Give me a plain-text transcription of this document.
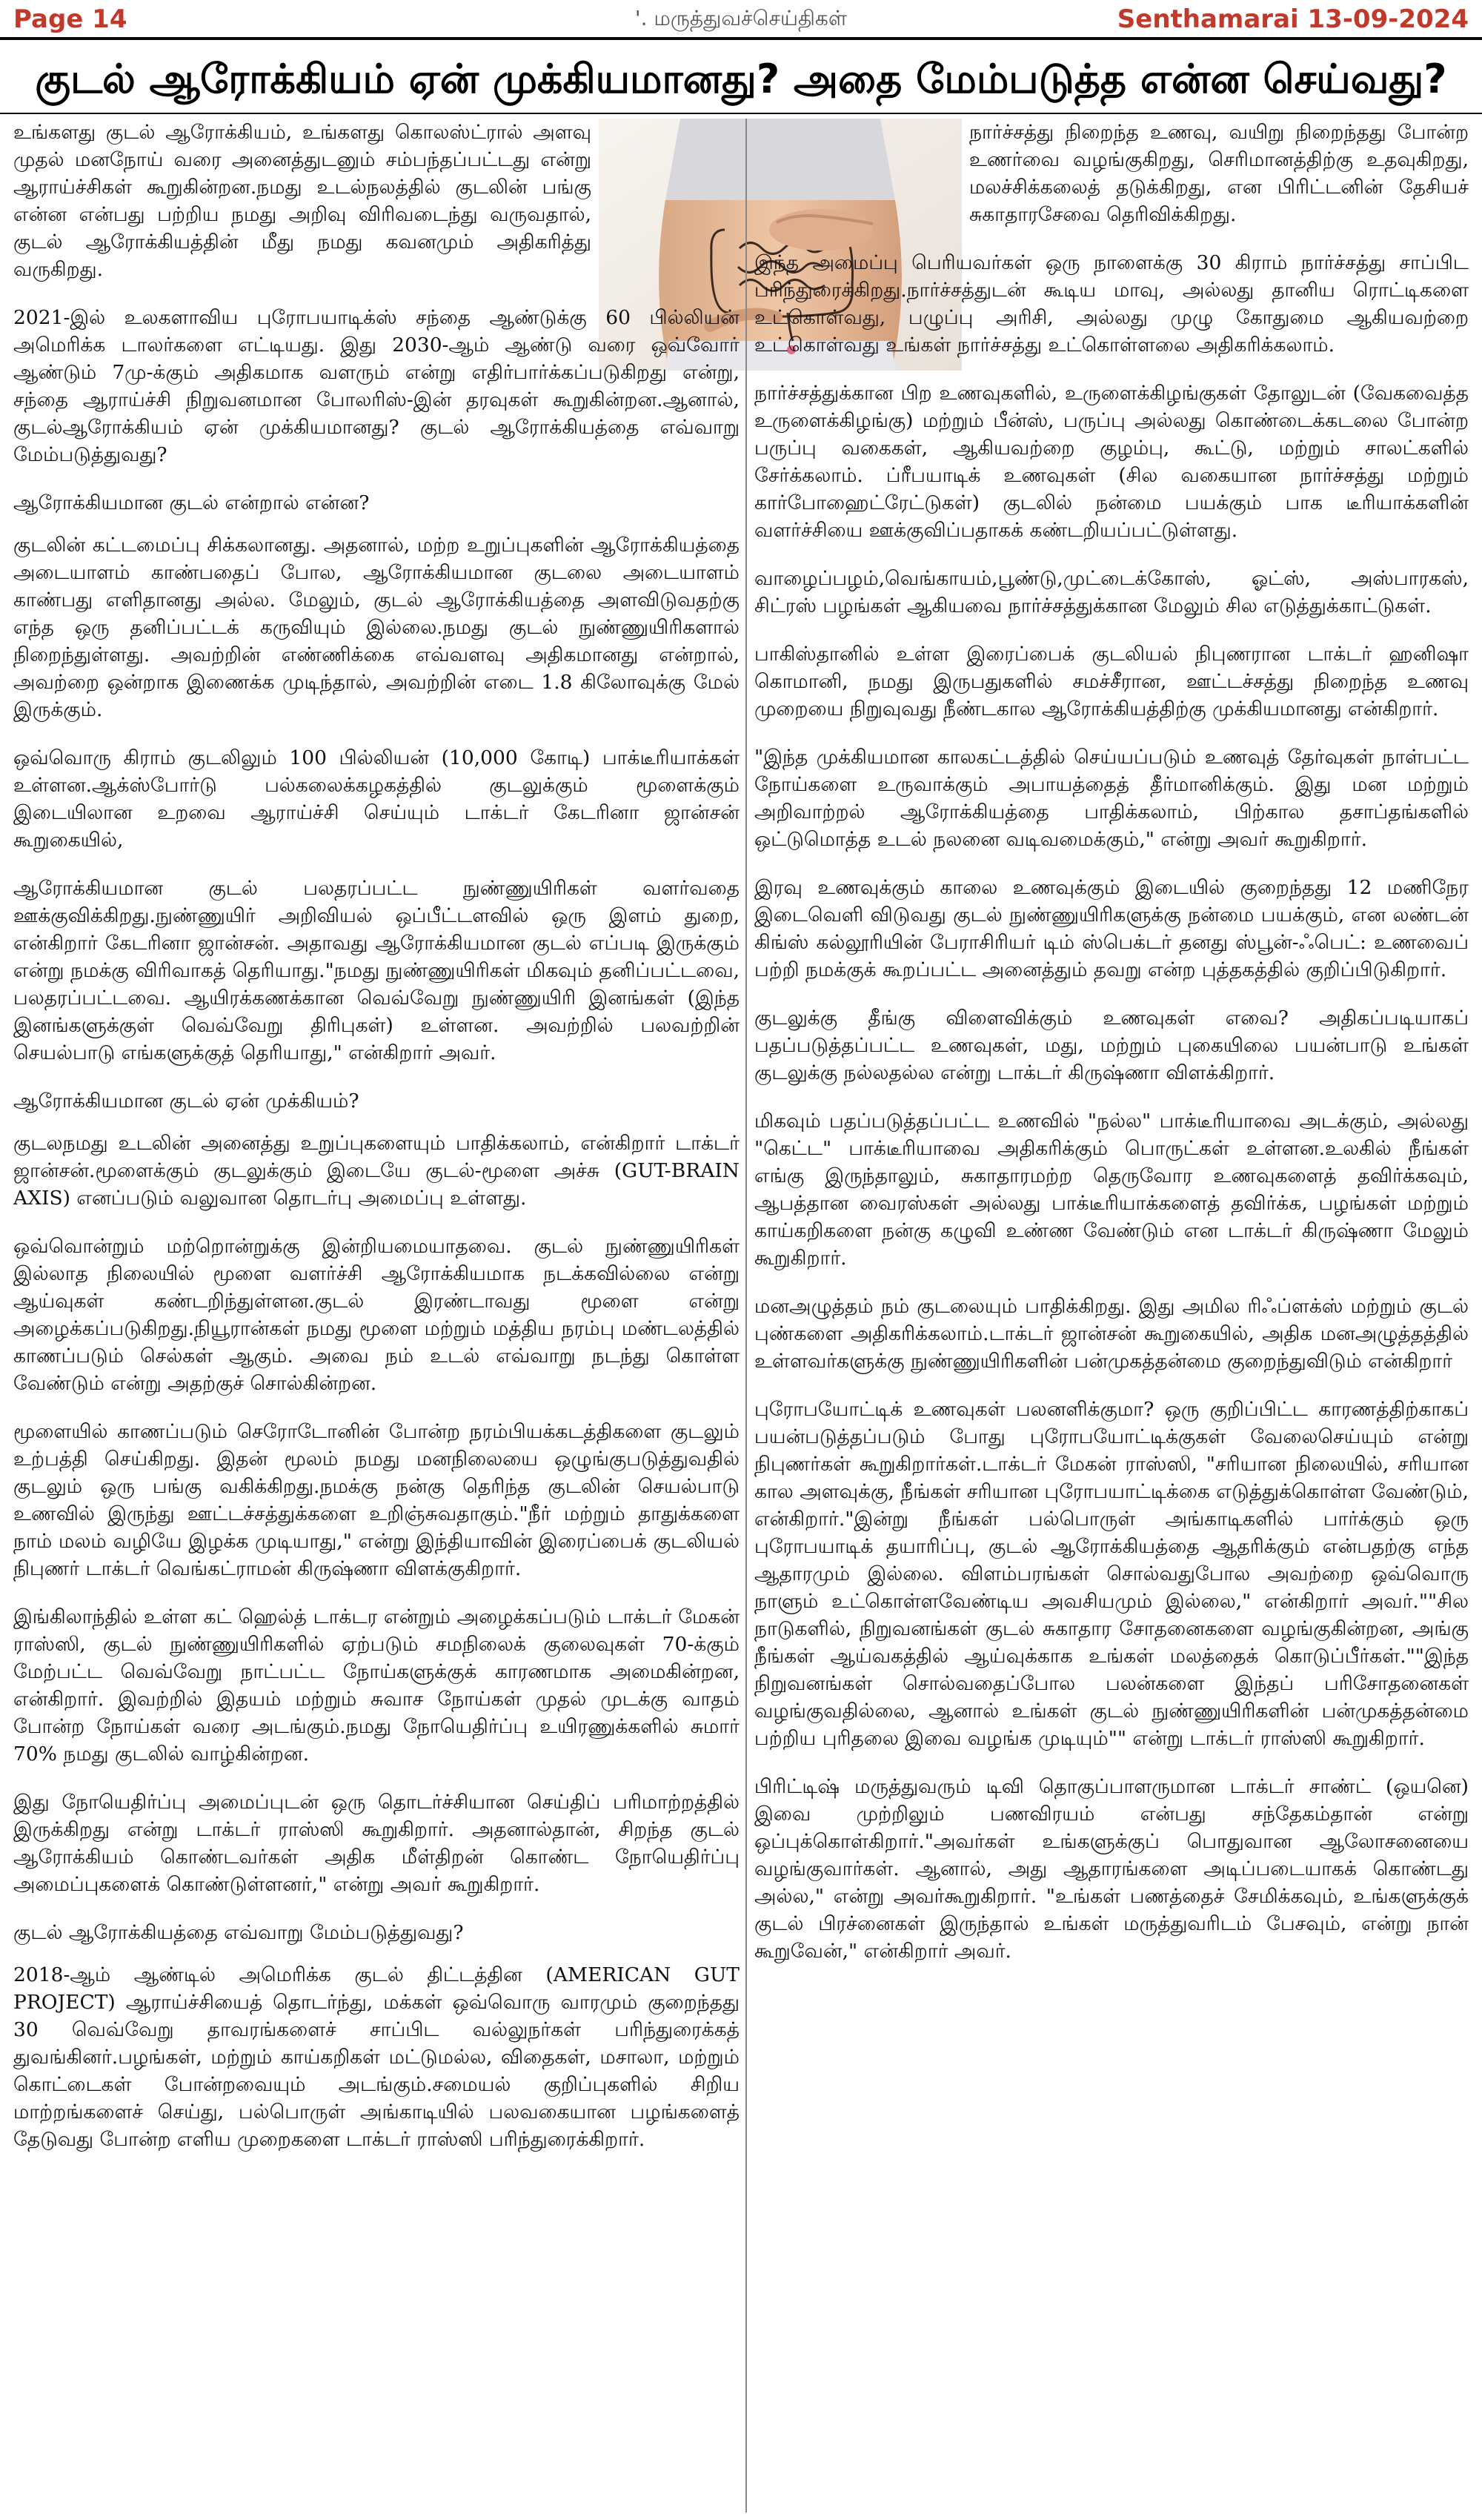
Page 14	'. மருத்துவச்செய்திகள்	Senthamarai 13-09-2024
குடல் ஆரோக்கியம் ஏன் முக்கியமானது? அதை மேம்படுத்த என்ன செய்வது?

உங்களது குடல் ஆரோக்கியம், உங்களது கொலஸ்ட்ரால் அளவு முதல் மனநோய் வரை அனைத்துடனும் சம்பந்தப்பட்டது என்று ஆராய்ச்சிகள் கூறுகின்றன.நமது உடல்நலத்தில் குடலின் பங்கு என்ன என்பது பற்றிய நமது அறிவு விரிவடைந்து வருவதால், குடல் ஆரோக்கியத்தின் மீது நமது கவனமும் அதிகரித்து வருகிறது.

2021-இல் உலகளாவிய புரோபயாடிக்ஸ் சந்தை ஆண்டுக்கு 60 பில்லியன் அமெரிக்க டாலர்களை எட்டியது. இது 2030-ஆம் ஆண்டு வரை ஒவ்வோர் ஆண்டும் 7மு-க்கும் அதிகமாக வளரும் என்று எதிர்பார்க்கப்படுகிறது என்று, சந்தை ஆராய்ச்சி நிறுவனமான போலரிஸ்-இன் தரவுகள் கூறுகின்றன.ஆனால், குடல்ஆரோக்கியம் ஏன் முக்கியமானது? குடல் ஆரோக்கியத்தை எவ்வாறு மேம்படுத்துவது?

ஆரோக்கியமான குடல் என்றால் என்ன?

குடலின் கட்டமைப்பு சிக்கலானது. அதனால், மற்ற உறுப்புகளின் ஆரோக்கியத்தை அடையாளம் காண்பதைப் போல, ஆரோக்கியமான குடலை அடையாளம் காண்பது எளிதானது அல்ல. மேலும், குடல் ஆரோக்கியத்தை அளவிடுவதற்கு எந்த ஒரு தனிப்பட்டக் கருவியும் இல்லை.நமது குடல் நுண்ணுயிரிகளால் நிறைந்துள்ளது. அவற்றின் எண்ணிக்கை எவ்வளவு அதிகமானது என்றால், அவற்றை ஒன்றாக இணைக்க முடிந்தால், அவற்றின் எடை 1.8 கிலோவுக்கு மேல் இருக்கும்.

ஒவ்வொரு கிராம் குடலிலும் 100 பில்லியன் (10,000 கோடி) பாக்டீரியாக்கள் உள்ளன.ஆக்ஸ்போர்டு பல்கலைக்கழகத்தில் குடலுக்கும் மூளைக்கும் இடையிலான உறவை ஆராய்ச்சி செய்யும் டாக்டர் கேடரினா ஜான்சன் கூறுகையில்,

ஆரோக்கியமான குடல் பலதரப்பட்ட நுண்ணுயிரிகள் வளர்வதை ஊக்குவிக்கிறது.நுண்ணுயிர் அறிவியல் ஒப்பீட்டளவில் ஒரு இளம் துறை, என்கிறார் கேடரினா ஜான்சன். அதாவது ஆரோக்கியமான குடல் எப்படி இருக்கும் என்று நமக்கு விரிவாகத் தெரியாது."நமது நுண்ணுயிரிகள் மிகவும் தனிப்பட்டவை, பலதரப்பட்டவை. ஆயிரக்கணக்கான வெவ்வேறு நுண்ணுயிரி இனங்கள் (இந்த இனங்களுக்குள் வெவ்வேறு திரிபுகள்) உள்ளன. அவற்றில் பலவற்றின் செயல்பாடு எங்களுக்குத் தெரியாது," என்கிறார் அவர்.

ஆரோக்கியமான குடல் ஏன் முக்கியம்?

குடலநமது உடலின் அனைத்து உறுப்புகளையும் பாதிக்கலாம், என்கிறார் டாக்டர் ஜான்சன்.மூளைக்கும் குடலுக்கும் இடையே குடல்-மூளை அச்சு (GUT-BRAIN AXIS) எனப்படும் வலுவான தொடர்பு அமைப்பு உள்ளது.

ஒவ்வொன்றும் மற்றொன்றுக்கு இன்றியமையாதவை. குடல் நுண்ணுயிரிகள் இல்லாத நிலையில் மூளை வளர்ச்சி ஆரோக்கியமாக நடக்கவில்லை என்று ஆய்வுகள் கண்டறிந்துள்ளன.குடல் இரண்டாவது மூளை என்று அழைக்கப்படுகிறது.நியூரான்கள் நமது மூளை மற்றும் மத்திய நரம்பு மண்டலத்தில் காணப்படும் செல்கள் ஆகும். அவை நம் உடல் எவ்வாறு நடந்து கொள்ள வேண்டும் என்று அதற்குச் சொல்கின்றன.

மூளையில் காணப்படும் செரோடோனின் போன்ற நரம்பியக்கடத்திகளை குடலும் உற்பத்தி செய்கிறது. இதன் மூலம் நமது மனநிலையை ஒழுங்குபடுத்துவதில் குடலும் ஒரு பங்கு வகிக்கிறது.நமக்கு நன்கு தெரிந்த குடலின் செயல்பாடு உணவில் இருந்து ஊட்டச்சத்துக்களை உறிஞ்சுவதாகும்."நீர் மற்றும் தாதுக்களை நாம் மலம் வழியே இழக்க முடியாது," என்று இந்தியாவின் இரைப்பைக் குடலியல் நிபுணர் டாக்டர் வெங்கட்ராமன் கிருஷ்ணா விளக்குகிறார்.

இங்கிலாந்தில் உள்ள கட் ஹெல்த் டாக்டர என்றும் அழைக்கப்படும் டாக்டர் மேகன் ராஸ்ஸி, குடல் நுண்ணுயிரிகளில் ஏற்படும் சமநிலைக் குலைவுகள் 70-க்கும் மேற்பட்ட வெவ்வேறு நாட்பட்ட நோய்களுக்குக் காரணமாக அமைகின்றன, என்கிறார். இவற்றில் இதயம் மற்றும் சுவாச நோய்கள் முதல் முடக்கு வாதம் போன்ற நோய்கள் வரை அடங்கும்.நமது நோயெதிர்ப்பு உயிரணுக்களில் சுமார் 70% நமது குடலில் வாழ்கின்றன.

இது நோயெதிர்ப்பு அமைப்புடன் ஒரு தொடர்ச்சியான செய்திப் பரிமாற்றத்தில் இருக்கிறது என்று டாக்டர் ராஸ்ஸி கூறுகிறார். அதனால்தான், சிறந்த குடல் ஆரோக்கியம் கொண்டவர்கள் அதிக மீள்திறன் கொண்ட நோயெதிர்ப்பு அமைப்புகளைக் கொண்டுள்ளனர்," என்று அவர் கூறுகிறார்.

குடல் ஆரோக்கியத்தை எவ்வாறு மேம்படுத்துவது?

2018-ஆம் ஆண்டில் அமெரிக்க குடல் திட்டத்தின (AMERICAN GUT PROJECT) ஆராய்ச்சியைத் தொடர்ந்து, மக்கள் ஒவ்வொரு வாரமும் குறைந்தது 30 வெவ்வேறு தாவரங்களைச் சாப்பிட வல்லுநர்கள் பரிந்துரைக்கத் துவங்கினர்.பழங்கள், மற்றும் காய்கறிகள் மட்டுமல்ல, விதைகள், மசாலா, மற்றும் கொட்டைகள் போன்றவையும் அடங்கும்.சமையல் குறிப்புகளில் சிறிய மாற்றங்களைச் செய்து, பல்பொருள் அங்காடியில் பலவகையான பழங்களைத் தேடுவது போன்ற எளிய முறைகளை டாக்டர் ராஸ்ஸி பரிந்துரைக்கிறார்.

நார்ச்சத்து நிறைந்த உணவு, வயிறு நிறைந்தது போன்ற உணர்வை வழங்குகிறது, செரிமானத்திற்கு உதவுகிறது, மலச்சிக்கலைத் தடுக்கிறது, என பிரிட்டனின் தேசியச் சுகாதாரசேவை தெரிவிக்கிறது.

இந்த அமைப்பு பெரியவர்கள் ஒரு நாளைக்கு 30 கிராம் நார்ச்சத்து சாப்பிட பரிந்துரைக்கிறது.நார்ச்சத்துடன் கூடிய மாவு, அல்லது தானிய ரொட்டிகளை உட்கொள்வது, பழுப்பு அரிசி, அல்லது முழு கோதுமை ஆகியவற்றை உட்கொள்வது உங்கள் நார்ச்சத்து உட்கொள்ளலை அதிகரிக்கலாம்.

நார்ச்சத்துக்கான பிற உணவுகளில், உருளைக்கிழங்குகள் தோலுடன் (வேகவைத்த உருளைக்கிழங்கு) மற்றும் பீன்ஸ், பருப்பு அல்லது கொண்டைக்கடலை போன்ற பருப்பு வகைகள், ஆகியவற்றை குழம்பு, கூட்டு, மற்றும் சாலட்களில் சேர்க்கலாம். ப்ரீபயாடிக் உணவுகள் (சில வகையான நார்ச்சத்து மற்றும் கார்போஹைட்ரேட்டுகள்) குடலில் நன்மை பயக்கும் பாக டீரியாக்களின் வளர்ச்சியை ஊக்குவிப்பதாகக் கண்டறியப்பட்டுள்ளது.

வாழைப்பழம்,வெங்காயம்,பூண்டு,முட்டைக்கோஸ், ஓட்ஸ், அஸ்பாரகஸ், சிட்ரஸ் பழங்கள் ஆகியவை நார்ச்சத்துக்கான மேலும் சில எடுத்துக்காட்டுகள்.

பாகிஸ்தானில் உள்ள இரைப்பைக் குடலியல் நிபுணரான டாக்டர் ஹனிஷா கொமானி, நமது இருபதுகளில் சமச்சீரான, ஊட்டச்சத்து நிறைந்த உணவு முறையை நிறுவுவது நீண்டகால ஆரோக்கியத்திற்கு முக்கியமானது என்கிறார்.

"இந்த முக்கியமான காலகட்டத்தில் செய்யப்படும் உணவுத் தேர்வுகள் நாள்பட்ட நோய்களை உருவாக்கும் அபாயத்தைத் தீர்மானிக்கும். இது மன மற்றும் அறிவாற்றல் ஆரோக்கியத்தை பாதிக்கலாம், பிற்கால தசாப்தங்களில் ஒட்டுமொத்த உடல் நலனை வடிவமைக்கும்," என்று அவர் கூறுகிறார்.

இரவு உணவுக்கும் காலை உணவுக்கும் இடையில் குறைந்தது 12 மணிநேர இடைவெளி விடுவது குடல் நுண்ணுயிரிகளுக்கு நன்மை பயக்கும், என லண்டன் கிங்ஸ் கல்லூரியின் பேராசிரியர் டிம் ஸ்பெக்டர் தனது ஸ்பூன்-ஃபெட்: உணவைப் பற்றி நமக்குக் கூறப்பட்ட அனைத்தும் தவறு என்ற புத்தகத்தில் குறிப்பிடுகிறார்.

குடலுக்கு தீங்கு விளைவிக்கும் உணவுகள் எவை? அதிகப்படியாகப் பதப்படுத்தப்பட்ட உணவுகள், மது, மற்றும் புகையிலை பயன்பாடு உங்கள் குடலுக்கு நல்லதல்ல என்று டாக்டர் கிருஷ்ணா விளக்கிறார்.

மிகவும் பதப்படுத்தப்பட்ட உணவில் "நல்ல" பாக்டீரியாவை அடக்கும், அல்லது "கெட்ட" பாக்டீரியாவை அதிகரிக்கும் பொருட்கள் உள்ளன.உலகில் நீங்கள் எங்கு இருந்தாலும், சுகாதாரமற்ற தெருவோர உணவுகளைத் தவிர்க்கவும், ஆபத்தான வைரஸ்கள் அல்லது பாக்டீரியாக்களைத் தவிர்க்க, பழங்கள் மற்றும் காய்கறிகளை நன்கு கழுவி உண்ண வேண்டும் என டாக்டர் கிருஷ்ணா மேலும் கூறுகிறார்.

மனஅழுத்தம் நம் குடலையும் பாதிக்கிறது. இது அமில ரிஃப்ளக்ஸ் மற்றும் குடல் புண்களை அதிகரிக்கலாம்.டாக்டர் ஜான்சன் கூறுகையில், அதிக மனஅழுத்தத்தில் உள்ளவர்களுக்கு நுண்ணுயிரிகளின் பன்முகத்தன்மை குறைந்துவிடும் என்கிறார்

புரோபயோட்டிக் உணவுகள் பலனளிக்குமா? ஒரு குறிப்பிட்ட காரணத்திற்காகப் பயன்படுத்தப்படும் போது புரோபயோட்டிக்குகள் வேலைசெய்யும் என்று நிபுணர்கள் கூறுகிறார்கள்.டாக்டர் மேகன் ராஸ்ஸி, "சரியான நிலையில், சரியான கால அளவுக்கு, நீங்கள் சரியான புரோபயாட்டிக்கை எடுத்துக்கொள்ள வேண்டும், என்கிறார்."இன்று நீங்கள் பல்பொருள் அங்காடிகளில் பார்க்கும் ஒரு புரோபயாடிக் தயாரிப்பு, குடல் ஆரோக்கியத்தை ஆதரிக்கும் என்பதற்கு எந்த ஆதாரமும் இல்லை. விளம்பரங்கள் சொல்வதுபோல அவற்றை ஒவ்வொரு நாளும் உட்கொள்ளவேண்டிய அவசியமும் இல்லை," என்கிறார் அவர்.""சில நாடுகளில், நிறுவனங்கள் குடல் சுகாதார சோதனைகளை வழங்குகின்றன, அங்கு நீங்கள் ஆய்வகத்தில் ஆய்வுக்காக உங்கள் மலத்தைக் கொடுப்பீர்கள்.""இந்த நிறுவனங்கள் சொல்வதைப்போல பலன்களை இந்தப் பரிசோதனைகள் வழங்குவதில்லை, ஆனால் உங்கள் குடல் நுண்ணுயிரிகளின் பன்முகத்தன்மை பற்றிய புரிதலை இவை வழங்க முடியும்"" என்று டாக்டர் ராஸ்ஸி கூறுகிறார்.

பிரிட்டிஷ் மருத்துவரும் டிவி தொகுப்பாளருமான டாக்டர் சாண்ட் (ஒயனெ) இவை முற்றிலும் பணவிரயம் என்பது சந்தேகம்தான் என்று ஒப்புக்கொள்கிறார்."அவர்கள் உங்களுக்குப் பொதுவான ஆலோசனையை வழங்குவார்கள். ஆனால், அது ஆதாரங்களை அடிப்படையாகக் கொண்டது அல்ல," என்று அவர்கூறுகிறார். "உங்கள் பணத்தைச் சேமிக்கவும், உங்களுக்குக் குடல் பிரச்னைகள் இருந்தால் உங்கள் மருத்துவரிடம் பேசவும், என்று நான் கூறுவேன்," என்கிறார் அவர்.
